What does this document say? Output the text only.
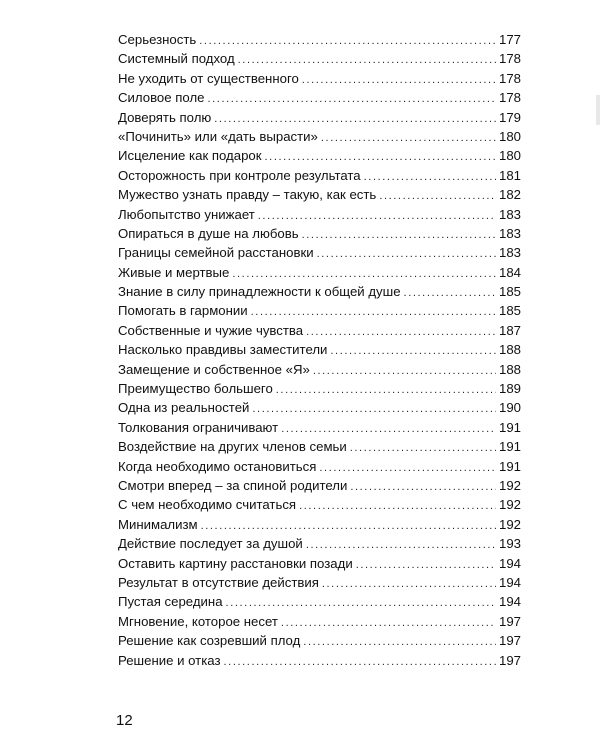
Серьезность .....	177
Системный подход .....	178
Не уходить от существенного .....	178
Силовое поле .....	178
Доверять полю .....	179
«Починить» или «дать вырасти» .....	180
Исцеление как подарок .....	180
Осторожность при контроле результата .....	181
Мужество узнать правду – такую, как есть .....	182
Любопытство унижает .....	183
Опираться в душе на любовь .....	183
Границы семейной расстановки .....	183
Живые и мертвые .....	184
Знание в силу принадлежности к общей душе .....	185
Помогать в гармонии .....	185
Собственные и чужие чувства .....	187
Насколько правдивы заместители .....	188
Замещение и собственное «Я» .....	188
Преимущество большего .....	189
Одна из реальностей .....	190
Толкования ограничивают .....	191
Воздействие на других членов семьи .....	191
Когда необходимо остановиться .....	191
Смотри вперед – за спиной родители .....	192
С чем необходимо считаться .....	192
Минимализм .....	192
Действие последует за душой .....	193
Оставить картину расстановки позади .....	194
Результат в отсутствие действия .....	194
Пустая середина .....	194
Мгновение, которое несет .....	197
Решение как созревший плод .....	197
Решение и отказ .....	197
12
